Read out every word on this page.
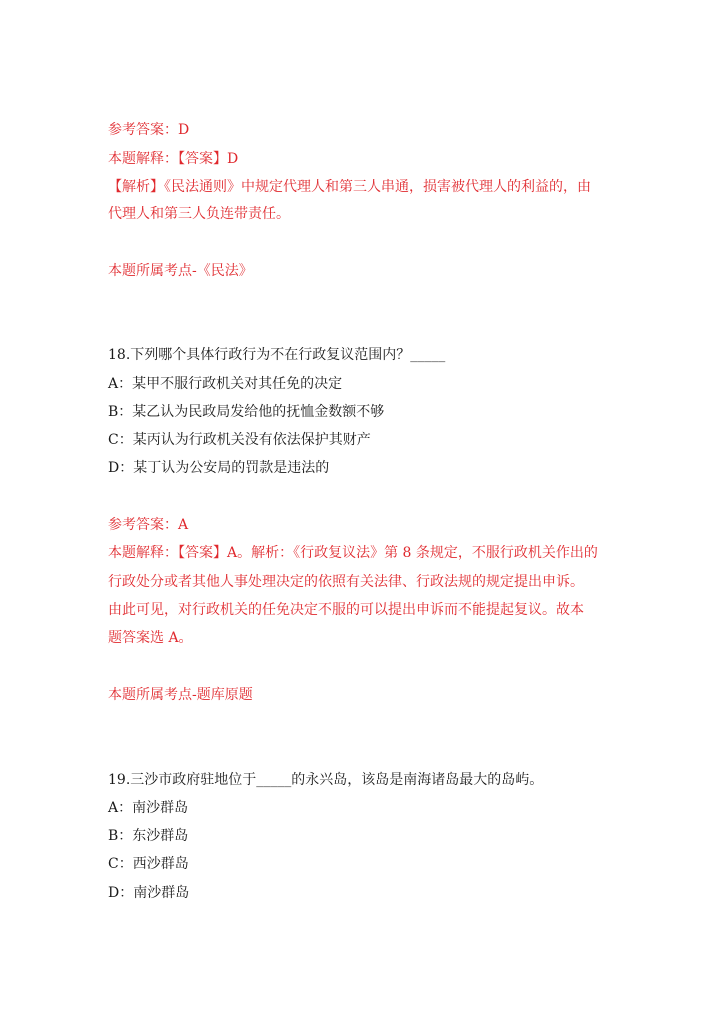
参考答案：D
本题解释：【答案】D
【解析】《民法通则》中规定代理人和第三人串通，损害被代理人的利益的，由
代理人和第三人负连带责任。
本题所属考点-《民法》
18.下列哪个具体行政行为不在行政复议范围内？_____
A：某甲不服行政机关对其任免的决定
B：某乙认为民政局发给他的抚恤金数额不够
C：某丙认为行政机关没有依法保护其财产
D：某丁认为公安局的罚款是违法的
参考答案：A
本题解释：【答案】A。解析：《行政复议法》第 8 条规定，不服行政机关作出的
行政处分或者其他人事处理决定的依照有关法律、行政法规的规定提出申诉。
由此可见，对行政机关的任免决定不服的可以提出申诉而不能提起复议。故本
题答案选 A。
本题所属考点-题库原题
19.三沙市政府驻地位于_____的永兴岛，该岛是南海诸岛最大的岛屿。
A：南沙群岛
B：东沙群岛
C：西沙群岛
D：南沙群岛
